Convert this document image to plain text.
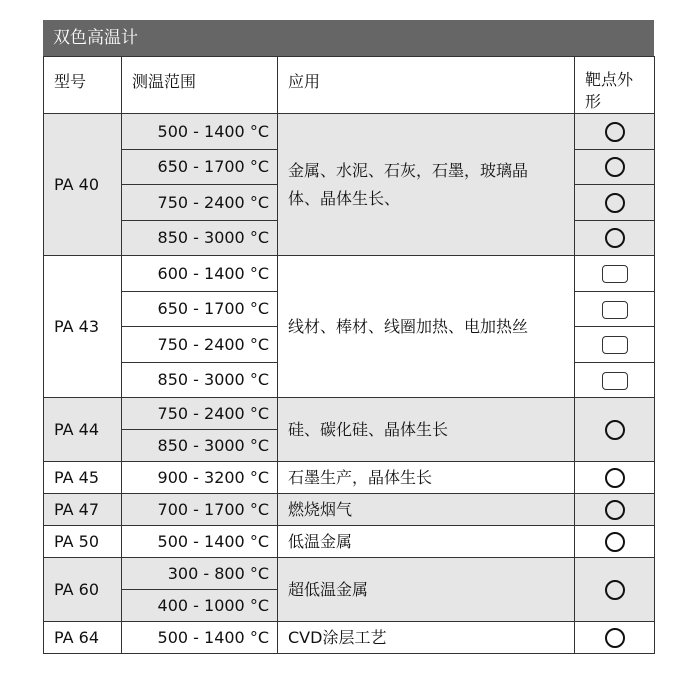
双色高温计
型号	测温范围	应用	靶点外形
PA 40	500 - 1400 °C	金属、水泥、石灰，石墨，玻璃晶体、晶体生长、	
	650 - 1700 °C		
	750 - 2400 °C		
	850 - 3000 °C		
PA 43	600 - 1400 °C	线材、棒材、线圈加热、电加热丝	
	650 - 1700 °C		
	750 - 2400 °C		
	850 - 3000 °C		
PA 44	750 - 2400 °C	硅、碳化硅、晶体生长	
	850 - 3000 °C		
PA 45	900 - 3200 °C	石墨生产，晶体生长	
PA 47	700 - 1700 °C	燃烧烟气	
PA 50	500 - 1400 °C	低温金属	
PA 60	300 - 800 °C	超低温金属	
	400 - 1000 °C		
PA 64	500 - 1400 °C	CVD涂层工艺	
